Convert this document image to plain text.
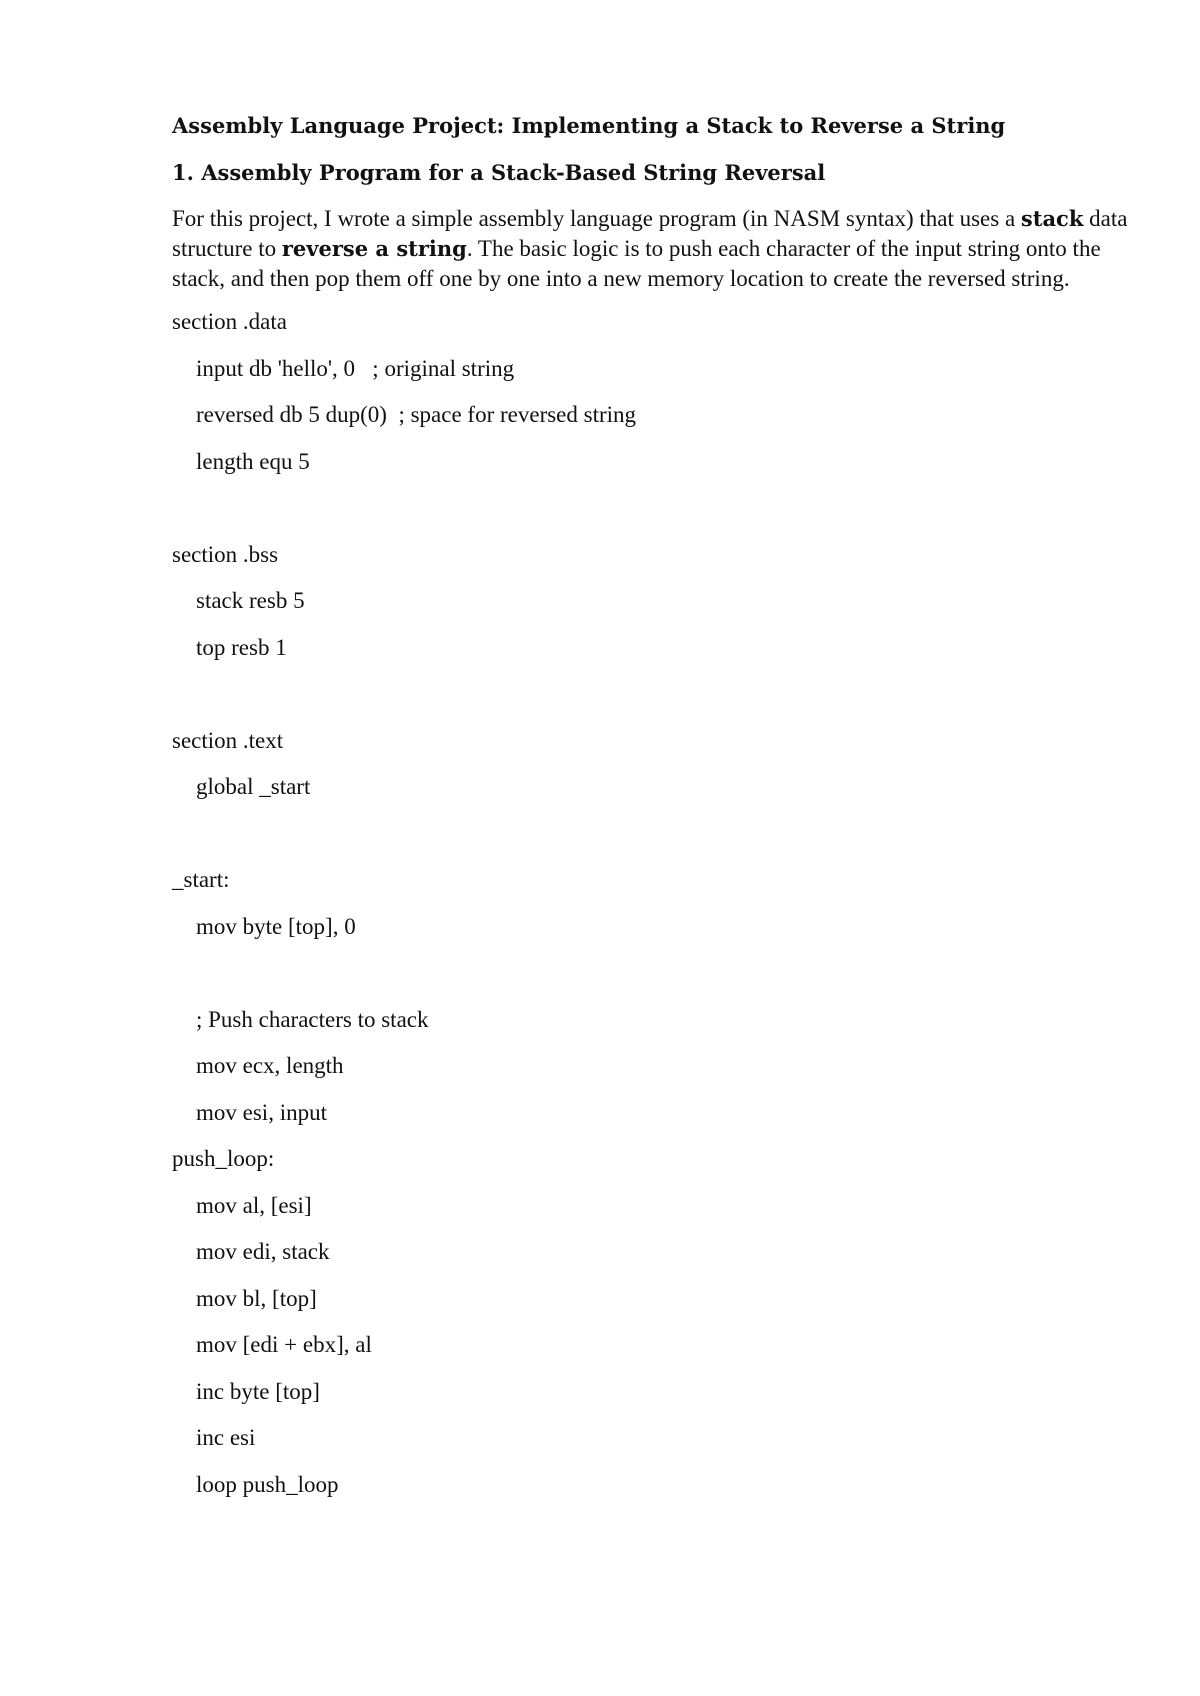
Assembly Language Project: Implementing a Stack to Reverse a String
1. Assembly Program for a Stack-Based String Reversal
For this project, I wrote a simple assembly language program (in NASM syntax) that uses a stack data structure to reverse a string. The basic logic is to push each character of the input string onto the stack, and then pop them off one by one into a new memory location to create the reversed string.
section .data
input db 'hello', 0   ; original string
reversed db 5 dup(0)  ; space for reversed string
length equ 5
section .bss
stack resb 5
top resb 1
section .text
global _start
_start:
mov byte [top], 0
; Push characters to stack
mov ecx, length
mov esi, input
push_loop:
mov al, [esi]
mov edi, stack
mov bl, [top]
mov [edi + ebx], al
inc byte [top]
inc esi
loop push_loop
